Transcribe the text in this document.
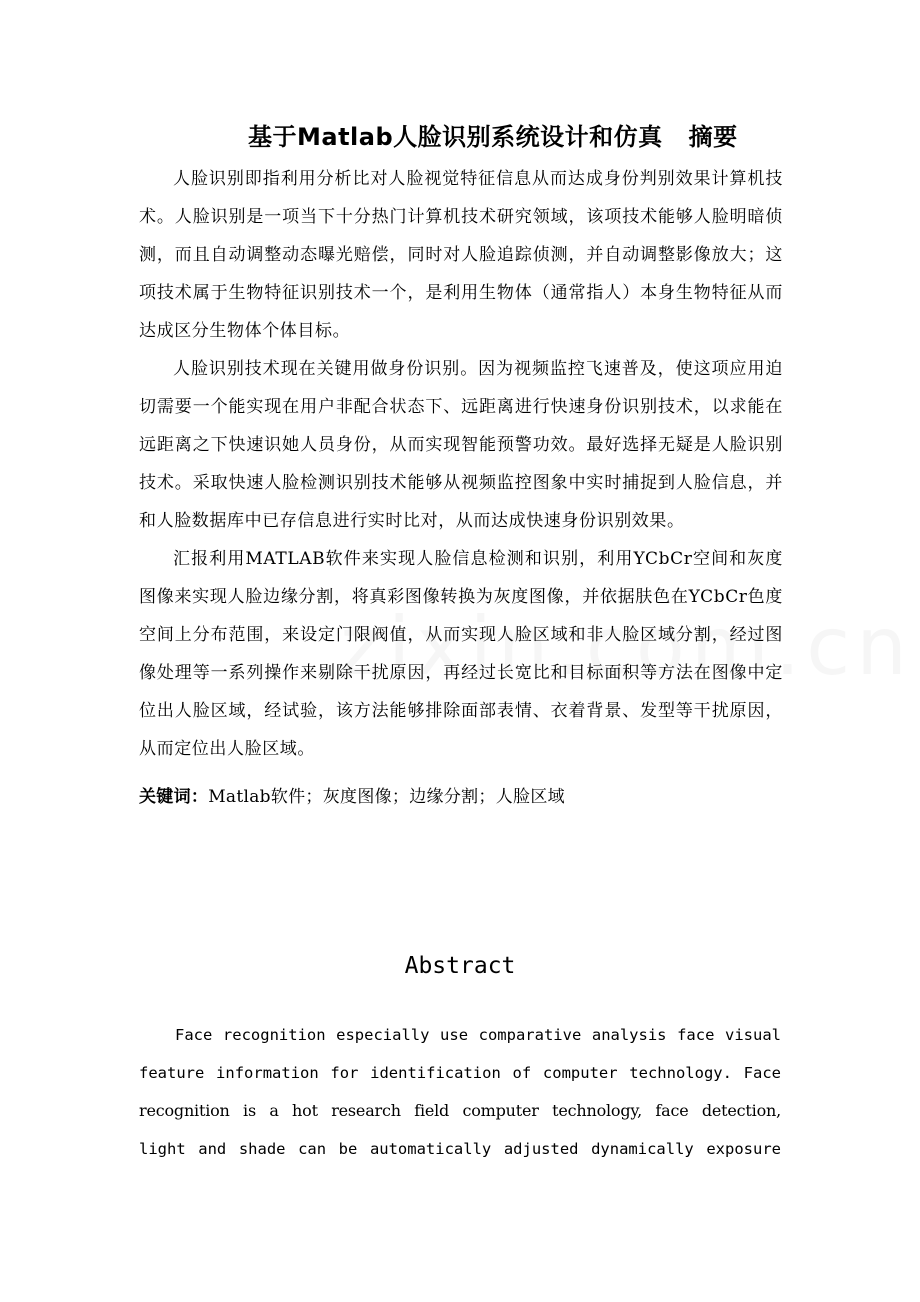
基于Matlab人脸识别系统设计和仿真 摘要

人脸识别即指利用分析比对人脸视觉特征信息从而达成身份判别效果计算机技术。人脸识别是一项当下十分热门计算机技术研究领域，该项技术能够人脸明暗侦测，而且自动调整动态曝光赔偿，同时对人脸追踪侦测，并自动调整影像放大；这项技术属于生物特征识别技术一个，是利用生物体（通常指人）本身生物特征从而达成区分生物体个体目标。

人脸识别技术现在关键用做身份识别。因为视频监控飞速普及，使这项应用迫切需要一个能实现在用户非配合状态下、远距离进行快速身份识别技术，以求能在远距离之下快速识她人员身份，从而实现智能预警功效。最好选择无疑是人脸识别技术。采取快速人脸检测识别技术能够从视频监控图象中实时捕捉到人脸信息，并和人脸数据库中已存信息进行实时比对，从而达成快速身份识别效果。

汇报利用MATLAB软件来实现人脸信息检测和识别，利用YCbCr空间和灰度图像来实现人脸边缘分割，将真彩图像转换为灰度图像，并依据肤色在YCbCr色度空间上分布范围，来设定门限阀值，从而实现人脸区域和非人脸区域分割，经过图像处理等一系列操作来剔除干扰原因，再经过长宽比和目标面积等方法在图像中定位出人脸区域，经试验，该方法能够排除面部表情、衣着背景、发型等干扰原因，从而定位出人脸区域。

关键词：Matlab软件；灰度图像；边缘分割；人脸区域
Abstract
Face recognition especially use comparative analysis face visual
feature information for identification of computer technology. Face
recognition is a hot research field computer technology, face detection,
light and shade can be automatically adjusted dynamically exposure
